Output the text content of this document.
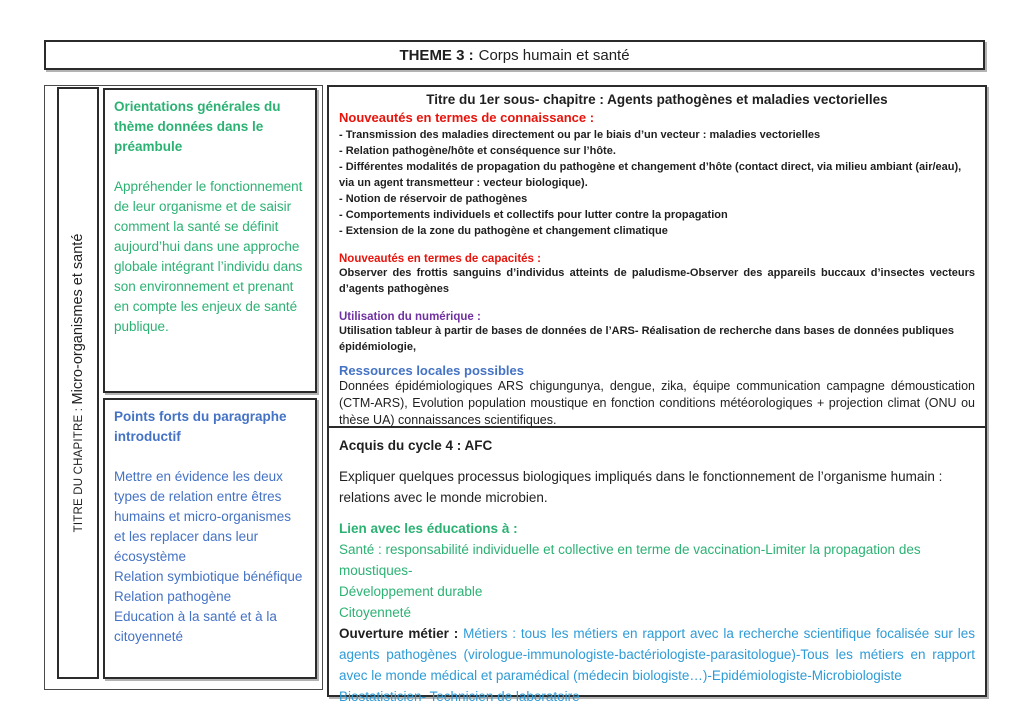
THEME 3 : Corps humain et santé
TITRE DU CHAPITRE : Micro-organismes et santé
Orientations générales du thème données dans le préambule
Appréhender le fonctionnement de leur organisme et de saisir comment la santé se définit aujourd’hui dans une approche globale intégrant l’individu dans son environnement et prenant en compte les enjeux de santé publique.
Points forts du paragraphe introductif
Mettre en évidence les deux types de relation entre êtres humains et micro-organismes et les replacer dans leur écosystème
Relation symbiotique bénéfique
Relation pathogène
Education à la santé et à la citoyenneté
Titre du 1er sous- chapitre : Agents pathogènes et maladies vectorielles
Nouveautés en termes de connaissance :
- Transmission des maladies directement ou par le biais d’un vecteur : maladies vectorielles
- Relation pathogène/hôte et conséquence sur l’hôte.
- Différentes modalités de propagation du pathogène et changement d’hôte (contact direct, via milieu ambiant (air/eau), via un agent transmetteur : vecteur biologique).
- Notion de réservoir de pathogènes
- Comportements individuels et collectifs pour lutter contre la propagation
- Extension de la zone du pathogène et changement climatique
Nouveautés en termes de capacités :
Observer des frottis sanguins d’individus atteints de paludisme-Observer des appareils buccaux d’insectes vecteurs d’agents pathogènes
Utilisation du numérique :
Utilisation tableur à partir de bases de données de l’ARS- Réalisation de recherche dans bases de données publiques épidémiologie,
Ressources locales possibles
Données épidémiologiques ARS chigungunya, dengue, zika, équipe communication campagne démoustication (CTM-ARS), Evolution population moustique en fonction conditions météorologiques + projection climat (ONU ou thèse UA) connaissances scientifiques.
Acquis du cycle 4 : AFC
Expliquer quelques processus biologiques impliqués dans le fonctionnement de l’organisme humain : relations avec le monde microbien.
Lien avec les éducations à :
Santé : responsabilité individuelle et collective en terme de vaccination-Limiter la propagation des
moustiques-
Développement durable
Citoyenneté
Ouverture métier : Métiers : tous les métiers en rapport avec la recherche scientifique focalisée sur les agents pathogènes (virologue-immunologiste-bactériologiste-parasitologue)-Tous les métiers en rapport avec le monde médical et paramédical (médecin biologiste…)-Epidémiologiste-Microbiologiste
Biostatisticien- Technicien de laboratoire
